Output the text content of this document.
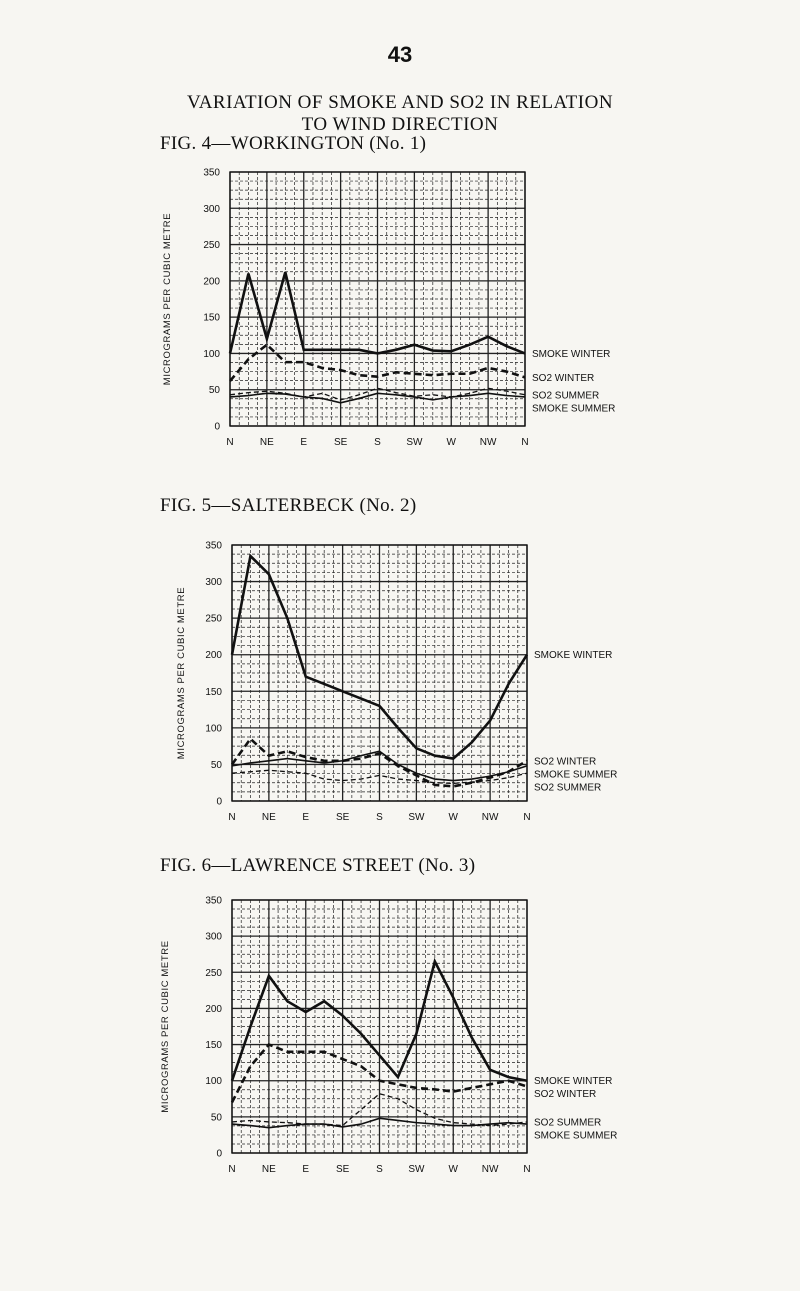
43
VARIATION OF SMOKE AND SO2 IN RELATION
TO WIND DIRECTION
FIG. 4—WORKINGTON (No. 1)
0
50
100
150
200
250
300
350
N	NE	E	SE	S	SW W NW N
MICROGRAMS PER CUBIC METRE	SMOKE WINTER
SO2 WINTER
SO2 SUMMER
SMOKE SUMMER
FIG. 5—SALTERBECK (No. 2)
0
50
100
150
200
250
300
350
N	NE	E	SE	S	SW W NW N
MICROGRAMS PER CUBIC METRE	SMOKE WINTER
SO2 WINTER
SMOKE SUMMER
SO2 SUMMER
FIG. 6—LAWRENCE STREET (No. 3)
0
50
100
150
200
250
300
350
N	NE	E	SE	S	SW W NW N
MICROGRAMS PER CUBIC METRE	SMOKE WINTER
SO2 WINTER
SO2 SUMMER
SMOKE SUMMER
